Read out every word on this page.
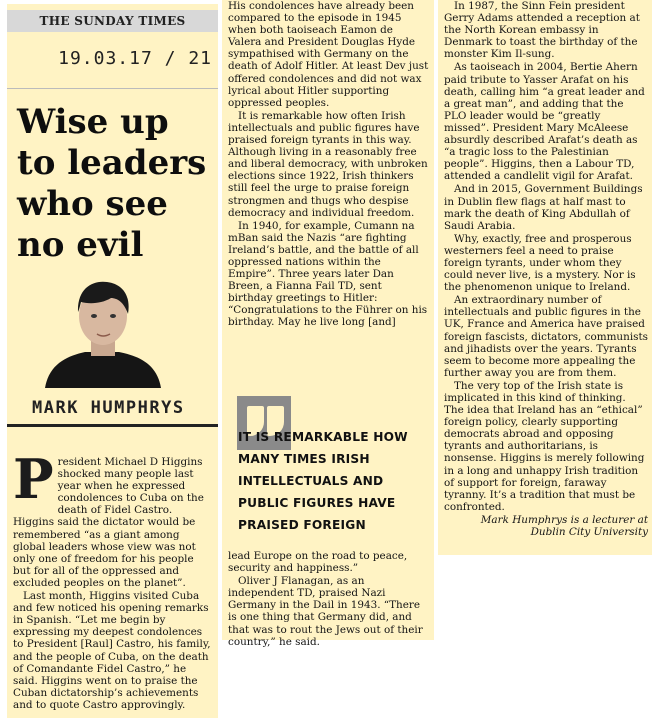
THE SUNDAY TIMES
19.03.17 / 21
Wise up
to leaders
who see
no evil
MARK HUMPHRYS
P resident Michael D Higgins shocked many people last year when he expressed condolences to Cuba on the death of Fidel Castro. Higgins said the dictator would be remembered “as a giant among global leaders whose view was not only one of freedom for his people but for all of the oppressed and excluded peoples on the planet”.

Last month, Higgins visited Cuba and few noticed his opening remarks in Spanish. “Let me begin by expressing my deepest condolences to President [Raul] Castro, his family, and the people of Cuba, on the death of Comandante Fidel Castro,” he said. Higgins went on to praise the Cuban dictatorship’s achievements and to quote Castro approvingly.

His condolences have already been compared to the episode in 1945 when both taoiseach Eamon de Valera and President Douglas Hyde sympathised with Germany on the death of Adolf Hitler. At least Dev just offered condolences and did not wax lyrical about Hitler supporting oppressed peoples.

It is remarkable how often Irish intellectuals and public figures have praised foreign tyrants in this way. Although living in a reasonably free and liberal democracy, with unbroken elections since 1922, Irish thinkers still feel the urge to praise foreign strongmen and thugs who despise democracy and individual freedom.

In 1940, for example, Cumann na mBan said the Nazis “are fighting Ireland’s battle, and the battle of all oppressed nations within the Empire”. Three years later Dan Breen, a Fianna Fail TD, sent birthday greetings to Hitler: “Congratulations to the Führer on his birthday. May he live long [and]

IT IS REMARKABLE HOW
MANY TIMES IRISH
INTELLECTUALS AND
PUBLIC FIGURES HAVE
PRAISED FOREIGN

lead Europe on the road to peace, security and happiness.”

Oliver J Flanagan, as an independent TD, praised Nazi Germany in the Dail in 1943. “There is one thing that Germany did, and that was to rout the Jews out of their country,” he said.

In 1987, the Sinn Fein president Gerry Adams attended a reception at the North Korean embassy in Denmark to toast the birthday of the monster Kim Il-sung.

As taoiseach in 2004, Bertie Ahern paid tribute to Yasser Arafat on his death, calling him “a great leader and a great man”, and adding that the PLO leader would be “greatly missed”. President Mary McAleese absurdly described Arafat’s death as “a tragic loss to the Palestinian people”. Higgins, then a Labour TD, attended a candlelit vigil for Arafat.

And in 2015, Government Buildings in Dublin flew flags at half mast to mark the death of King Abdullah of Saudi Arabia.

Why, exactly, free and prosperous westerners feel a need to praise foreign tyrants, under whom they could never live, is a mystery. Nor is the phenomenon unique to Ireland.

An extraordinary number of intellectuals and public figures in the UK, France and America have praised foreign fascists, dictators, communists and jihadists over the years. Tyrants seem to become more appealing the further away you are from them.

The very top of the Irish state is implicated in this kind of thinking. The idea that Ireland has an “ethical” foreign policy, clearly supporting democrats abroad and opposing tyrants and authoritarians, is nonsense. Higgins is merely following in a long and unhappy Irish tradition of support for foreign, faraway tyranny. It’s a tradition that must be confronted.

Mark Humphrys is a lecturer at
Dublin City University
